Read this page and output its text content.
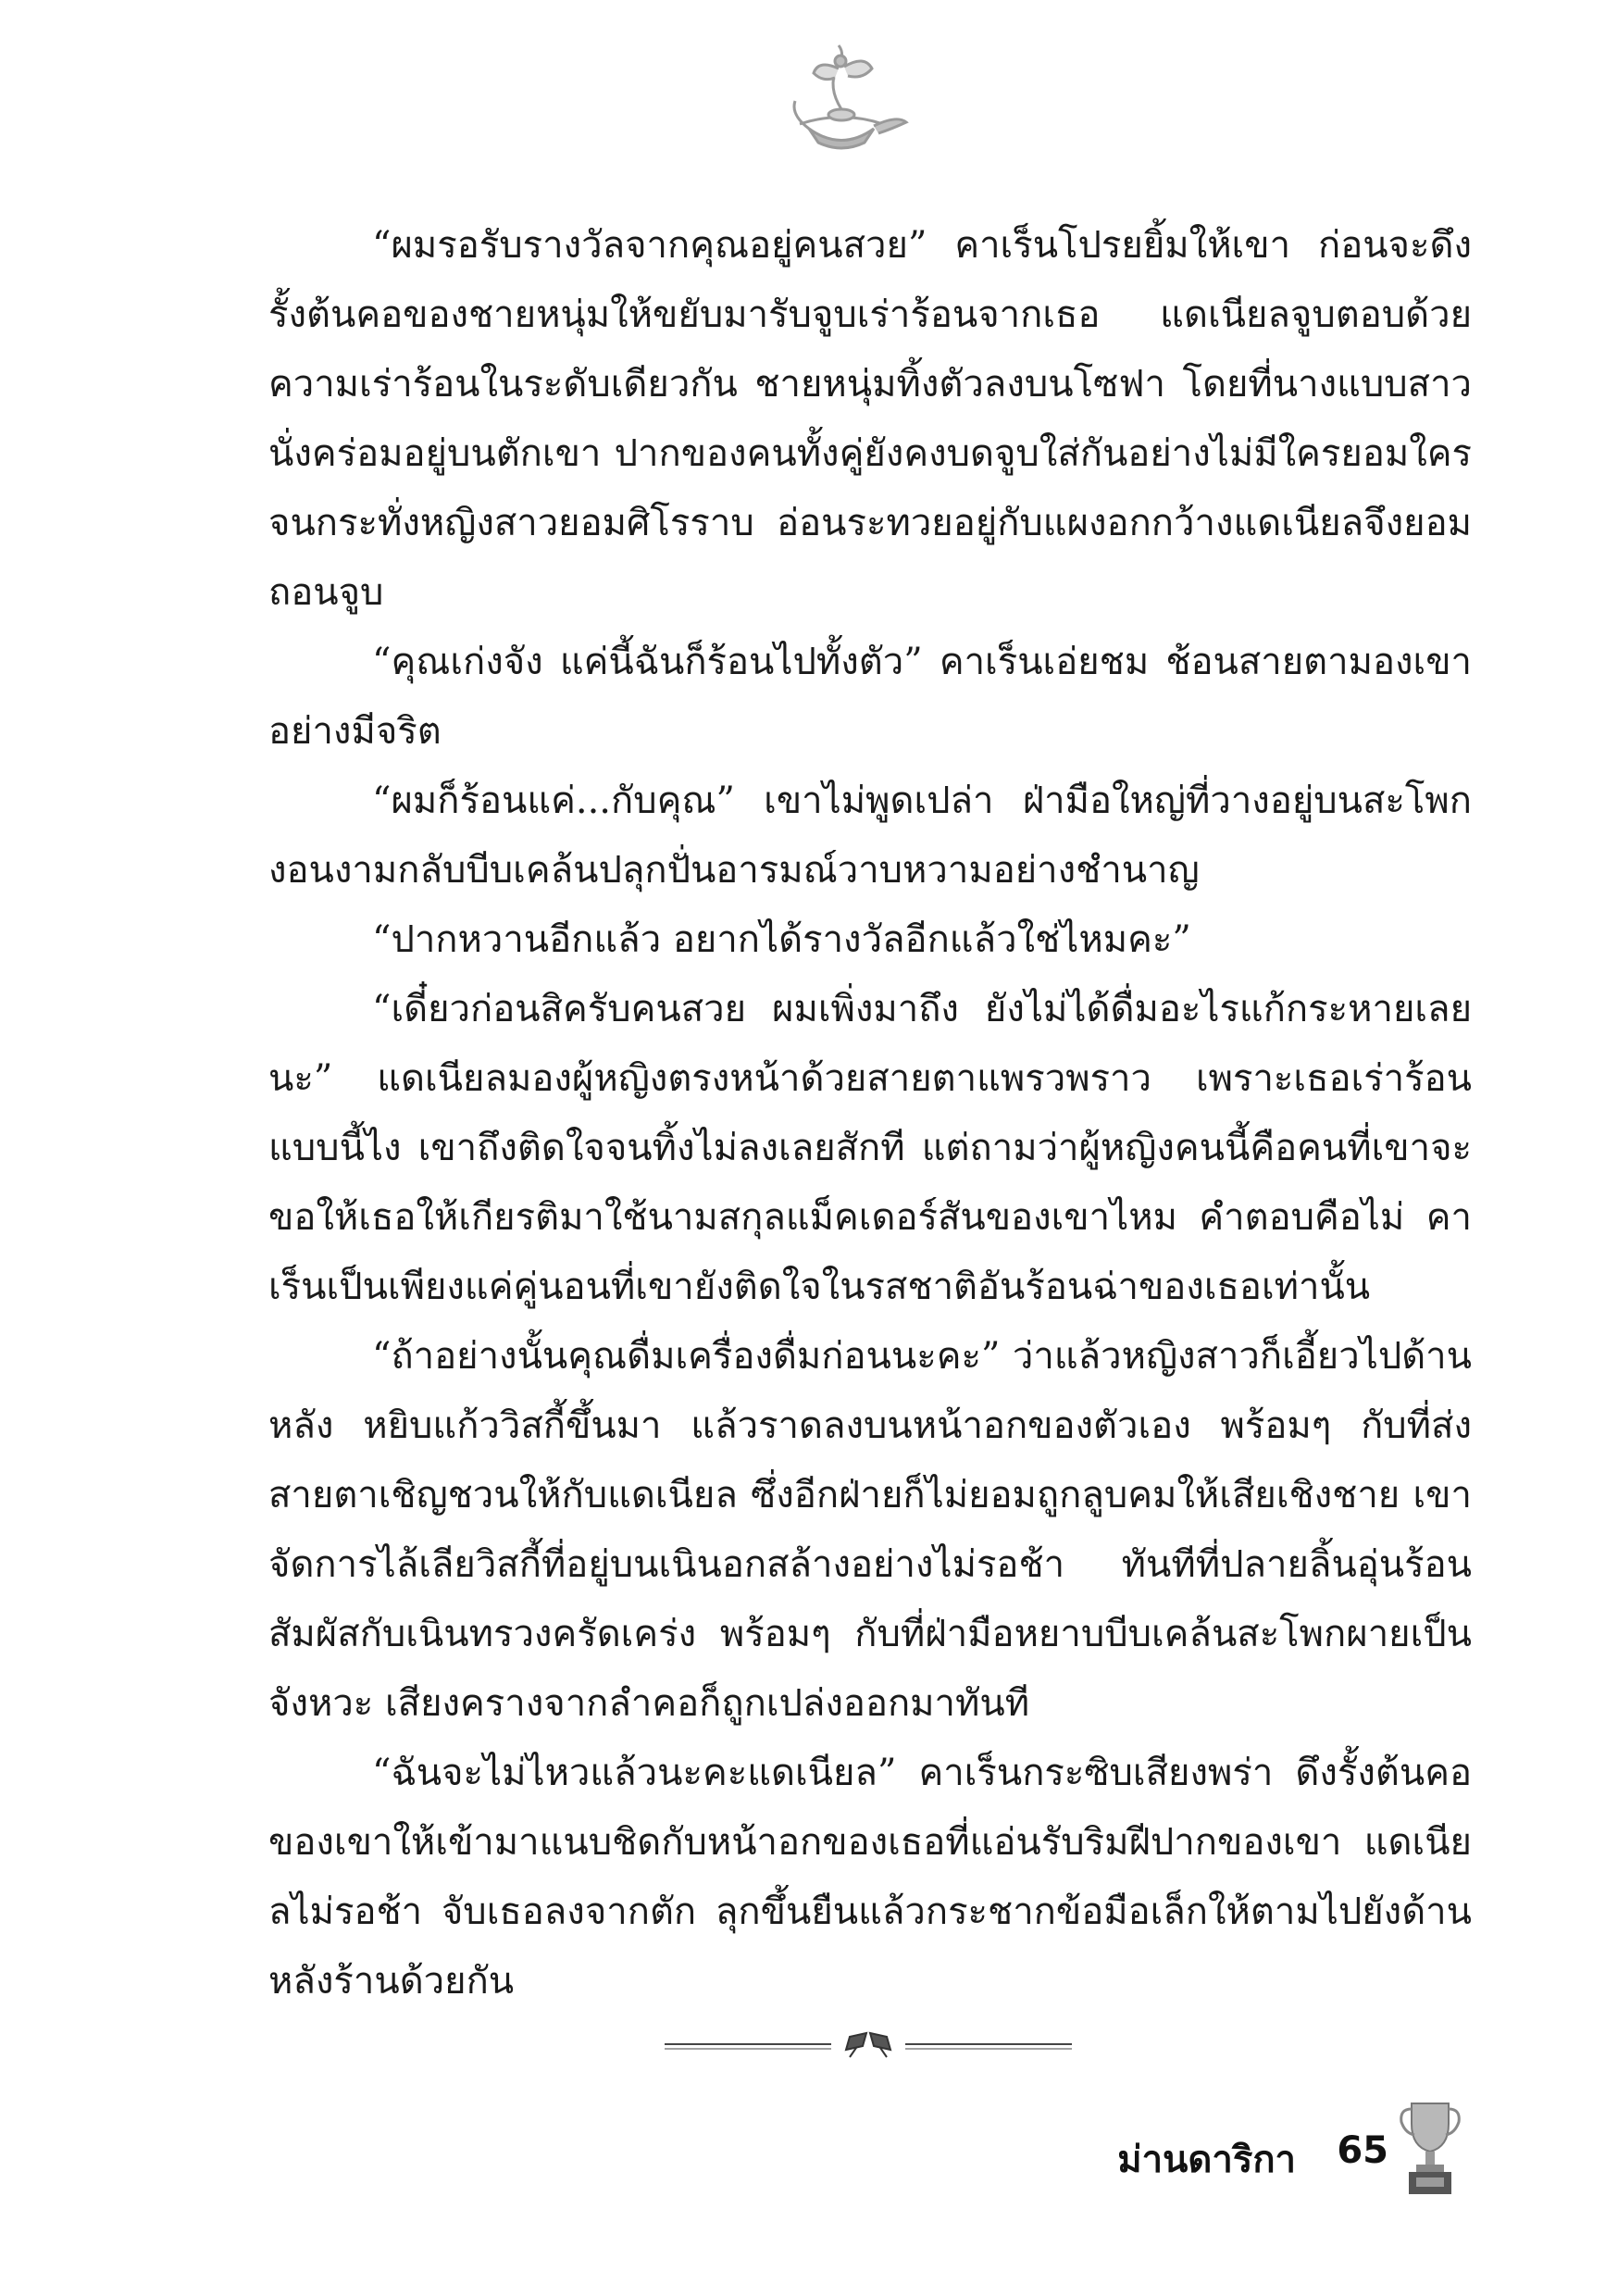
“ผมรอรับรางวัลจากคุณอยู่คนสวย” คาเร็นโปรยยิ้มให้เขา ก่อนจะดึงรั้งต้นคอของชายหนุ่มให้ขยับมารับจูบเร่าร้อนจากเธอ แดเนียลจูบตอบด้วยความเร่าร้อนในระดับเดียวกัน ชายหนุ่มทิ้งตัวลงบนโซฟา โดยที่นางแบบสาวนั่งคร่อมอยู่บนตักเขา ปากของคนทั้งคู่ยังคงบดจูบใส่กันอย่างไม่มีใครยอมใคร จนกระทั่งหญิงสาวยอมศิโรราบ อ่อนระทวยอยู่กับแผงอกกว้างแดเนียลจึงยอมถอนจูบ

“คุณเก่งจัง แค่นี้ฉันก็ร้อนไปทั้งตัว” คาเร็นเอ่ยชม ช้อนสายตามองเขาอย่างมีจริต

“ผมก็ร้อนแค่...กับคุณ” เขาไม่พูดเปล่า ฝ่ามือใหญ่ที่วางอยู่บนสะโพกงอนงามกลับบีบเคล้นปลุกปั่นอารมณ์วาบหวามอย่างชำนาญ

“ปากหวานอีกแล้ว อยากได้รางวัลอีกแล้วใช่ไหมคะ”

“เดี๋ยวก่อนสิครับคนสวย ผมเพิ่งมาถึง ยังไม่ได้ดื่มอะไรแก้กระหายเลยนะ” แดเนียลมองผู้หญิงตรงหน้าด้วยสายตาแพรวพราว เพราะเธอเร่าร้อนแบบนี้ไง เขาถึงติดใจจนทิ้งไม่ลงเลยสักที แต่ถามว่าผู้หญิงคนนี้คือคนที่เขาจะขอให้เธอให้เกียรติมาใช้นามสกุลแม็คเดอร์สันของเขาไหม คำตอบคือไม่ คาเร็นเป็นเพียงแค่คู่นอนที่เขายังติดใจในรสชาติอันร้อนฉ่าของเธอเท่านั้น

“ถ้าอย่างนั้นคุณดื่มเครื่องดื่มก่อนนะคะ” ว่าแล้วหญิงสาวก็เอี้ยวไปด้านหลัง หยิบแก้ววิสกี้ขึ้นมา แล้วราดลงบนหน้าอกของตัวเอง พร้อมๆ กับที่ส่งสายตาเชิญชวนให้กับแดเนียล ซึ่งอีกฝ่ายก็ไม่ยอมถูกลูบคมให้เสียเชิงชาย เขาจัดการไล้เลียวิสกี้ที่อยู่บนเนินอกสล้างอย่างไม่รอช้า ทันทีที่ปลายลิ้นอุ่นร้อนสัมผัสกับเนินทรวงครัดเคร่ง พร้อมๆ กับที่ฝ่ามือหยาบบีบเคล้นสะโพกผายเป็นจังหวะ เสียงครางจากลำคอก็ถูกเปล่งออกมาทันที

“ฉันจะไม่ไหวแล้วนะคะแดเนียล” คาเร็นกระซิบเสียงพร่า ดึงรั้งต้นคอของเขาให้เข้ามาแนบชิดกับหน้าอกของเธอที่แอ่นรับริมฝีปากของเขา แดเนียลไม่รอช้า จับเธอลงจากตัก ลุกขึ้นยืนแล้วกระชากข้อมือเล็กให้ตามไปยังด้านหลังร้านด้วยกัน

ม่านดาริกา 65
